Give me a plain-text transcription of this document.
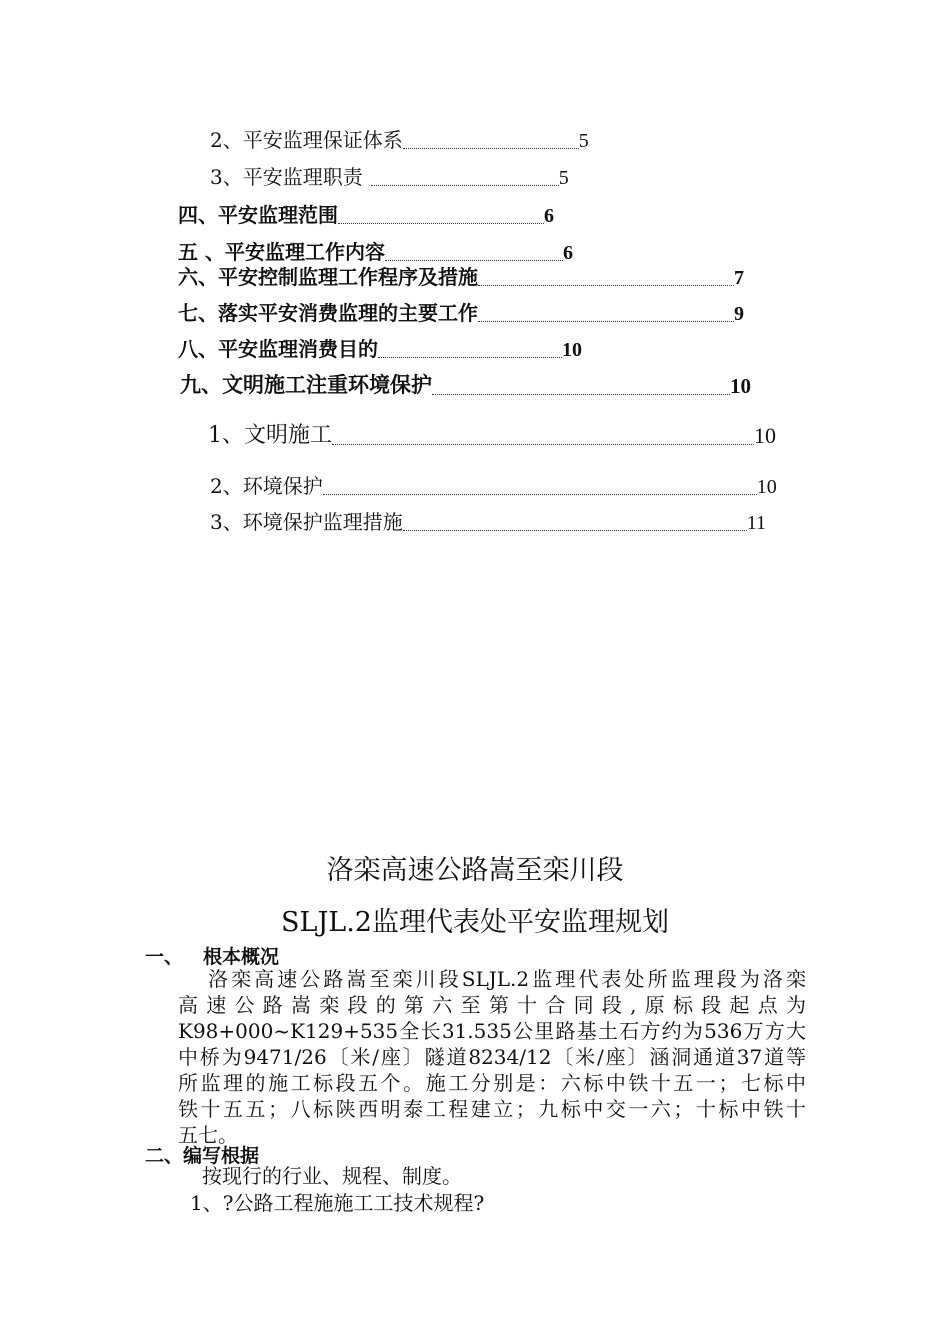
2、平安监理保证体系	5
3、平安监理职责	5
四、平安监理范围	6
五 、平安监理工作内容	6
六、平安控制监理工作程序及措施	7
七、落实平安消费监理的主要工作	9
八、平安监理消费目的	10
九、文明施工注重环境保护	10
1、文明施工	10
2、环境保护	10
3、环境保护监理措施	11
洛栾高速公路嵩至栾川段
SLJL.2监理代表处平安监理规划
一、 根本概况
洛栾高速公路嵩至栾川段SLJL.2监理代表处所监理段为洛栾
高速公路嵩栾段的第六至第十合同段,原标段起点为
K98+000~K129+535全长31.535公里路基土石方约为536万方大
中桥为9471/26〔米/座〕隧道8234/12〔米/座〕涵洞通道37道等
所监理的施工标段五个。施工分别是：六标中铁十五一；七标中
铁十五五；八标陕西明泰工程建立；九标中交一六；十标中铁十
五七。
二、编写根据
按现行的行业、规程、制度。
1、?公路工程施施工工技术规程?
